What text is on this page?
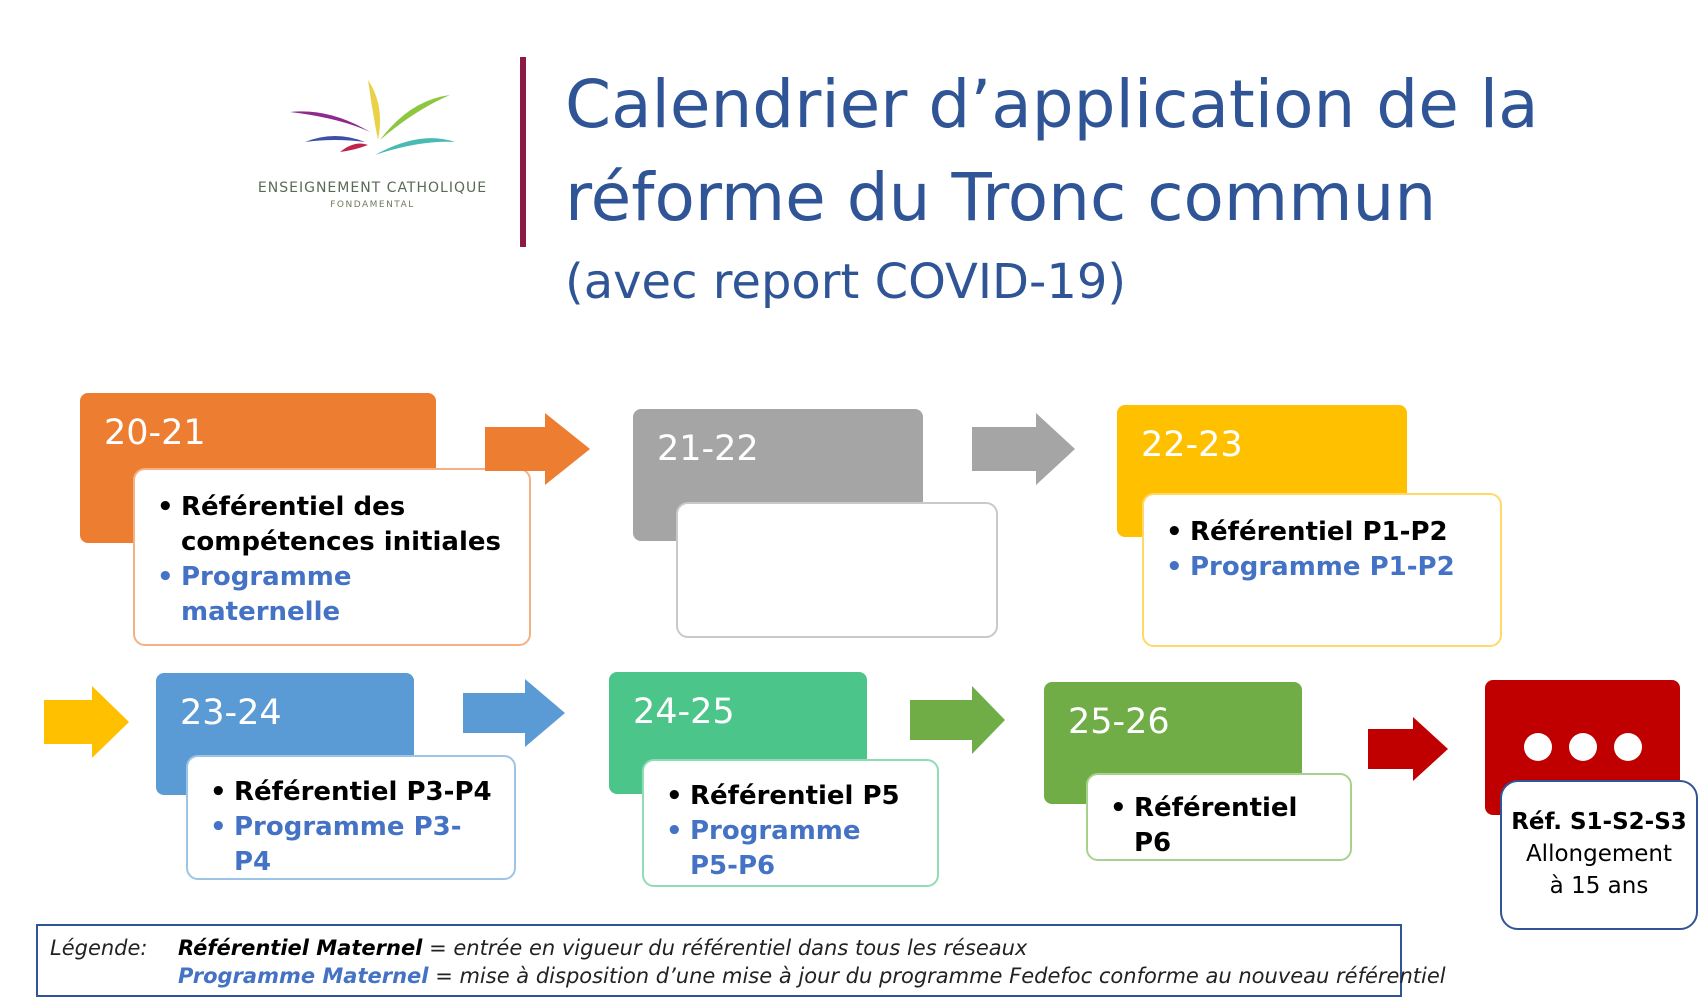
ENSEIGNEMENT CATHOLIQUE
FONDAMENTAL
Calendrier d’application de la
réforme du Tronc commun
(avec report COVID-19)
20-21
• Référentiel des compétences initiales
• Programme maternelle
21-22	22-23
• Référentiel P1-P2
• Programme P1-P2
23-24
• Référentiel P3-P4
• Programme P3-P4
24-25
• Référentiel P5
• Programme P5-P6
25-26
• Référentiel P6
Réf. S1-S2-S3
Allongement
à 15 ans
Légende: Référentiel Maternel = entrée en vigueur du référentiel dans tous les réseaux
Programme Maternel = mise à disposition d’une mise à jour du programme Fedefoc conforme au nouveau référentiel
